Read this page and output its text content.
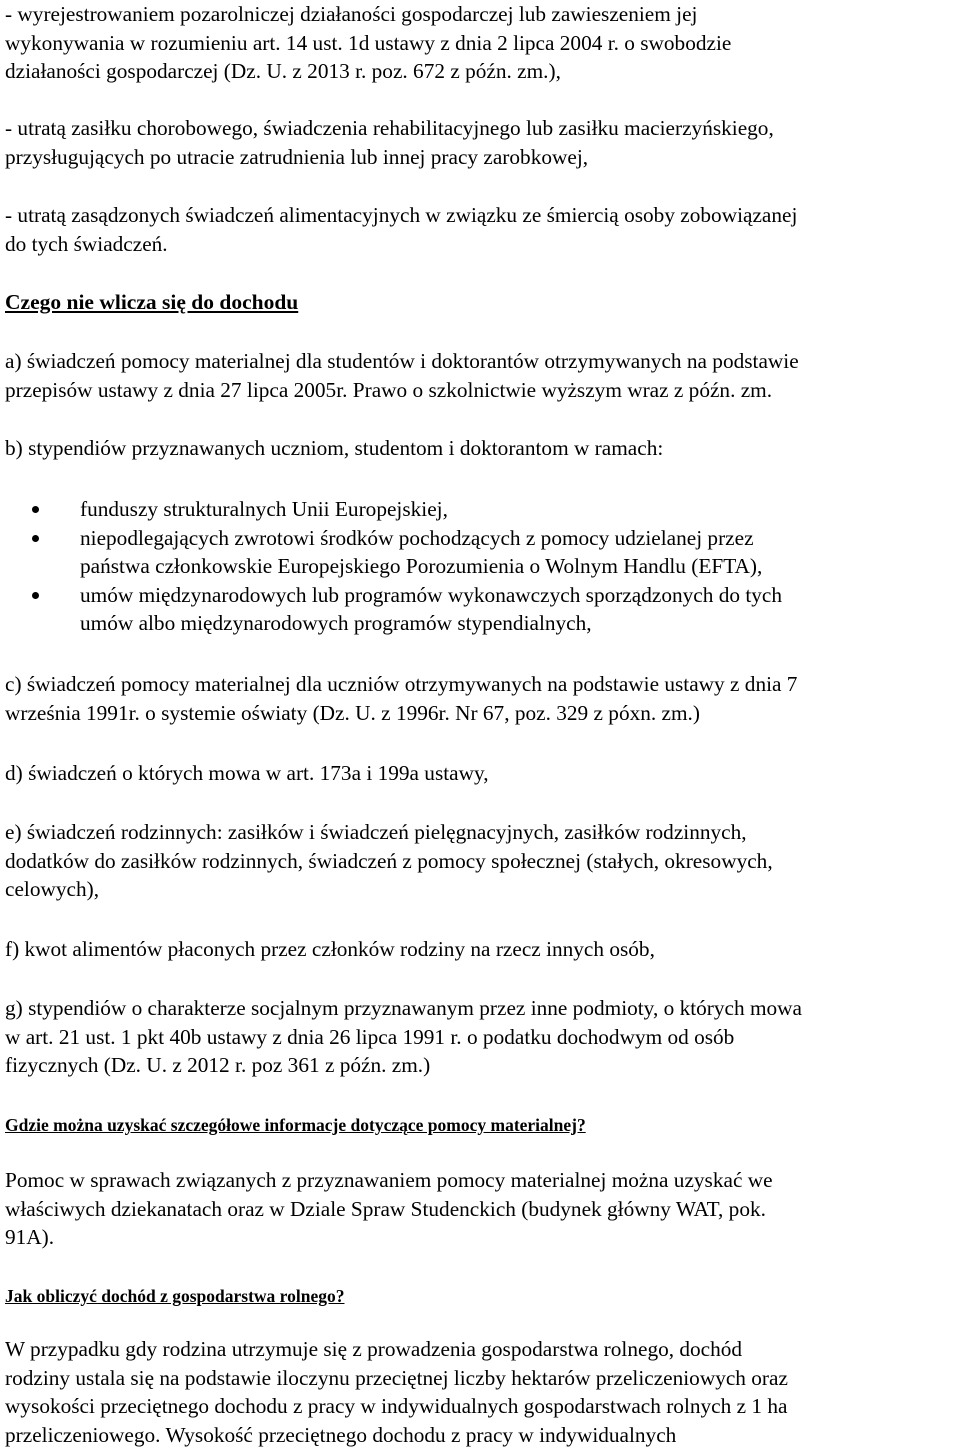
- wyrejestrowaniem pozarolniczej działaności gospodarczej lub zawieszeniem jej
wykonywania w rozumieniu art. 14 ust. 1d ustawy z dnia 2 lipca 2004 r. o swobodzie
działaności gospodarczej (Dz. U. z 2013 r. poz. 672 z późn. zm.),
- utratą zasiłku chorobowego, świadczenia rehabilitacyjnego lub zasiłku macierzyńskiego,
przysługujących po utracie zatrudnienia lub innej pracy zarobkowej,
- utratą zasądzonych świadczeń alimentacyjnych w związku ze śmiercią osoby zobowiązanej
do tych świadczeń.
Czego nie wlicza się do dochodu
a) świadczeń pomocy materialnej dla studentów i doktorantów otrzymywanych na podstawie
przepisów ustawy z dnia 27 lipca 2005r. Prawo o szkolnictwie wyższym wraz z późn. zm.
b) stypendiów przyznawanych uczniom, studentom i doktorantom w ramach:
funduszy strukturalnych Unii Europejskiej,
niepodlegających zwrotowi środków pochodzących z pomocy udzielanej przez
państwa członkowskie Europejskiego Porozumienia o Wolnym Handlu (EFTA),
umów międzynarodowych lub programów wykonawczych sporządzonych do tych
umów albo międzynarodowych programów stypendialnych,
c) świadczeń pomocy materialnej dla uczniów otrzymywanych na podstawie ustawy z dnia 7
września 1991r. o systemie oświaty (Dz. U. z 1996r. Nr 67, poz. 329 z póxn. zm.)
d) świadczeń o których mowa w art. 173a i 199a ustawy,
e) świadczeń rodzinnych: zasiłków i świadczeń pielęgnacyjnych, zasiłków rodzinnych,
dodatków do zasiłków rodzinnych, świadczeń z pomocy społecznej (stałych, okresowych,
celowych),
f) kwot alimentów płaconych przez członków rodziny na rzecz innych osób,
g) stypendiów o charakterze socjalnym przyznawanym przez inne podmioty, o których mowa
w art. 21 ust. 1 pkt 40b ustawy z dnia 26 lipca 1991 r. o podatku dochodwym od osób
fizycznych (Dz. U. z 2012 r. poz 361 z późn. zm.)
Gdzie można uzyskać szczegółowe informacje dotyczące pomocy materialnej?
Pomoc w sprawach związanych z przyznawaniem pomocy materialnej można uzyskać we
właściwych dziekanatach oraz w Dziale Spraw Studenckich (budynek główny WAT, pok.
91A).
Jak obliczyć dochód z gospodarstwa rolnego?
W przypadku gdy rodzina utrzymuje się z prowadzenia gospodarstwa rolnego, dochód
rodziny ustala się na podstawie iloczynu przeciętnej liczby hektarów przeliczeniowych oraz
wysokości przeciętnego dochodu z pracy w indywidualnych gospodarstwach rolnych z 1 ha
przeliczeniowego. Wysokość przeciętnego dochodu z pracy w indywidualnych
